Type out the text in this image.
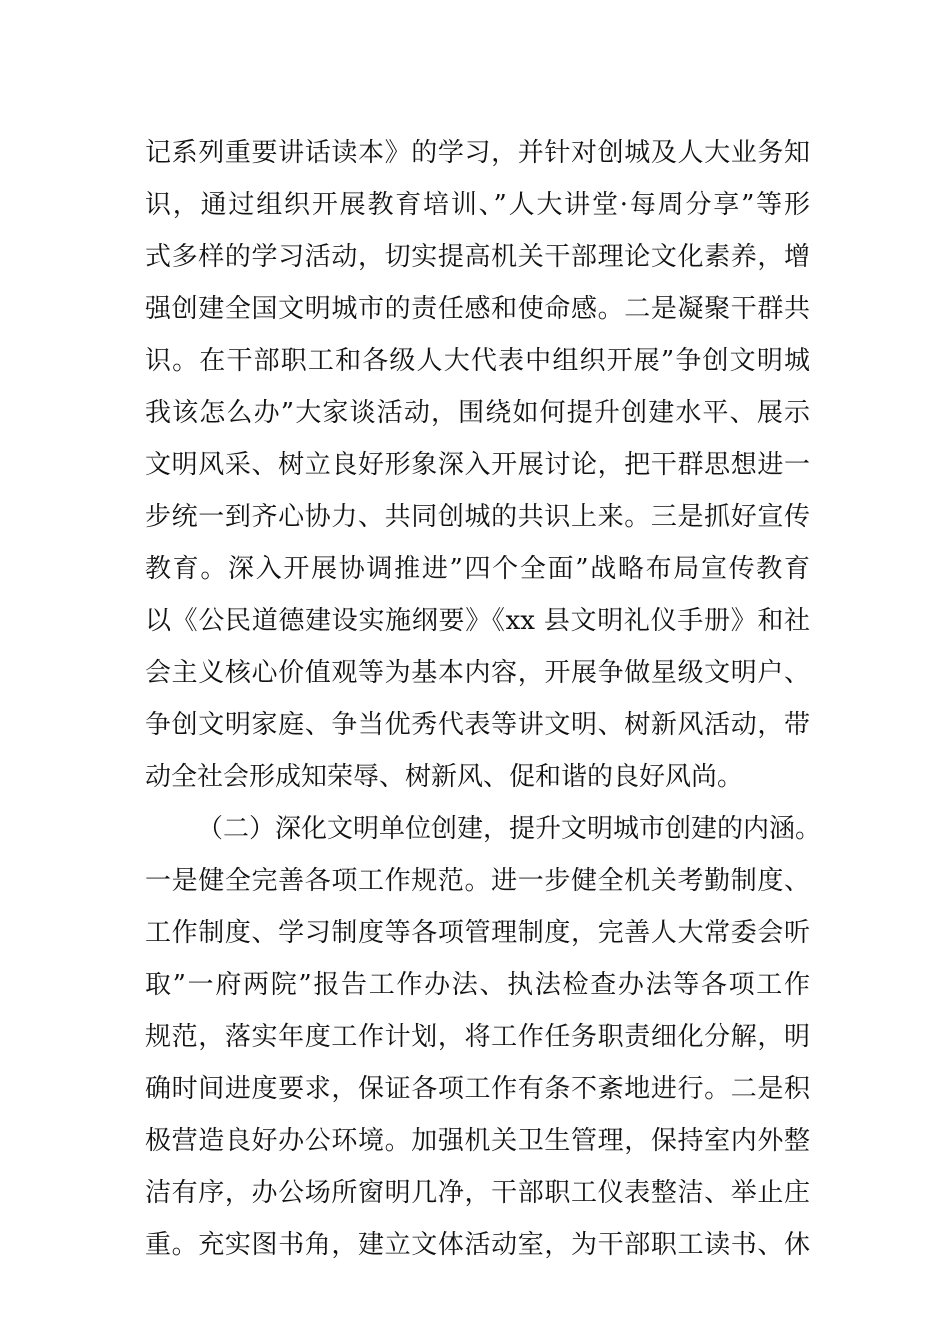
记系列重要讲话读本》的学习，并针对创城及人大业务知
识，通过组织开展教育培训、”人大讲堂·每周分享”等形
式多样的学习活动，切实提高机关干部理论文化素养，增
强创建全国文明城市的责任感和使命感。二是凝聚干群共
识。在干部职工和各级人大代表中组织开展”争创文明城
我该怎么办”大家谈活动，围绕如何提升创建水平、展示
文明风采、树立良好形象深入开展讨论，把干群思想进一
步统一到齐心协力、共同创城的共识上来。三是抓好宣传
教育。深入开展协调推进”四个全面”战略布局宣传教育
以《公民道德建设实施纲要》《xx 县文明礼仪手册》和社
会主义核心价值观等为基本内容，开展争做星级文明户、
争创文明家庭、争当优秀代表等讲文明、树新风活动，带
动全社会形成知荣辱、树新风、促和谐的良好风尚。
（二）深化文明单位创建，提升文明城市创建的内涵。
一是健全完善各项工作规范。进一步健全机关考勤制度、
工作制度、学习制度等各项管理制度，完善人大常委会听
取”一府两院”报告工作办法、执法检查办法等各项工作
规范，落实年度工作计划，将工作任务职责细化分解，明
确时间进度要求，保证各项工作有条不紊地进行。二是积
极营造良好办公环境。加强机关卫生管理，保持室内外整
洁有序，办公场所窗明几净，干部职工仪表整洁、举止庄
重。充实图书角，建立文体活动室，为干部职工读书、休
